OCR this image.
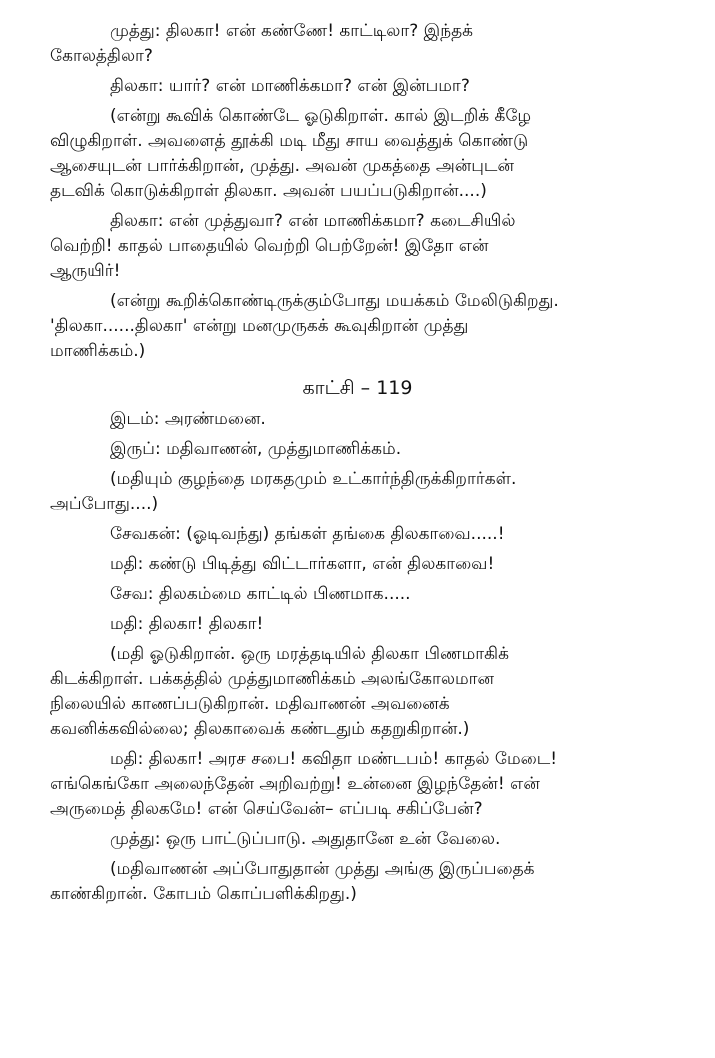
முத்து: திலகா! என் கண்ணே! காட்டிலா? இந்தக்
கோலத்திலா?
திலகா: யார்? என் மாணிக்கமா? என் இன்பமா?
(என்று கூவிக் கொண்டே ஓடுகிறாள். கால் இடறிக் கீழே
விழுகிறாள். அவளைத் தூக்கி மடி மீது சாய வைத்துக் கொண்டு
ஆசையுடன் பார்க்கிறான், முத்து. அவன் முகத்தை அன்புடன்
தடவிக் கொடுக்கிறாள் திலகா. அவன் பயப்படுகிறான்....)
திலகா: என் முத்துவா? என் மாணிக்கமா? கடைசியில்
வெற்றி! காதல் பாதையில் வெற்றி பெற்றேன்! இதோ என்
ஆருயிர்!
(என்று கூறிக்கொண்டிருக்கும்போது மயக்கம் மேலிடுகிறது.
'திலகா......திலகா' என்று மனமுருகக் கூவுகிறான் முத்து
மாணிக்கம்.)
காட்சி – 119
இடம்: அரண்மனை.
இருப்: மதிவாணன், முத்துமாணிக்கம்.
(மதியும் குழந்தை மரகதமும் உட்கார்ந்திருக்கிறார்கள்.
அப்போது....)
சேவகன்: (ஓடிவந்து) தங்கள் தங்கை திலகாவை.....!
மதி: கண்டு பிடித்து விட்டார்களா, என் திலகாவை!
சேவ: திலகம்மை காட்டில் பிணமாக.....
மதி: திலகா! திலகா!
(மதி ஓடுகிறான். ஒரு மரத்தடியில் திலகா பிணமாகிக்
கிடக்கிறாள். பக்கத்தில் முத்துமாணிக்கம் அலங்கோலமான
நிலையில் காணப்படுகிறான். மதிவாணன் அவனைக்
கவனிக்கவில்லை; திலகாவைக் கண்டதும் கதறுகிறான்.)
மதி: திலகா! அரச சபை! கவிதா மண்டபம்! காதல் மேடை!
எங்கெங்கோ அலைந்தேன் அறிவற்று! உன்னை இழந்தேன்! என்
அருமைத் திலகமே! என் செய்வேன்– எப்படி சகிப்பேன்?
முத்து: ஒரு பாட்டுப்பாடு. அதுதானே உன் வேலை.
(மதிவாணன் அப்போதுதான் முத்து அங்கு இருப்பதைக்
காண்கிறான். கோபம் கொப்பளிக்கிறது.)
